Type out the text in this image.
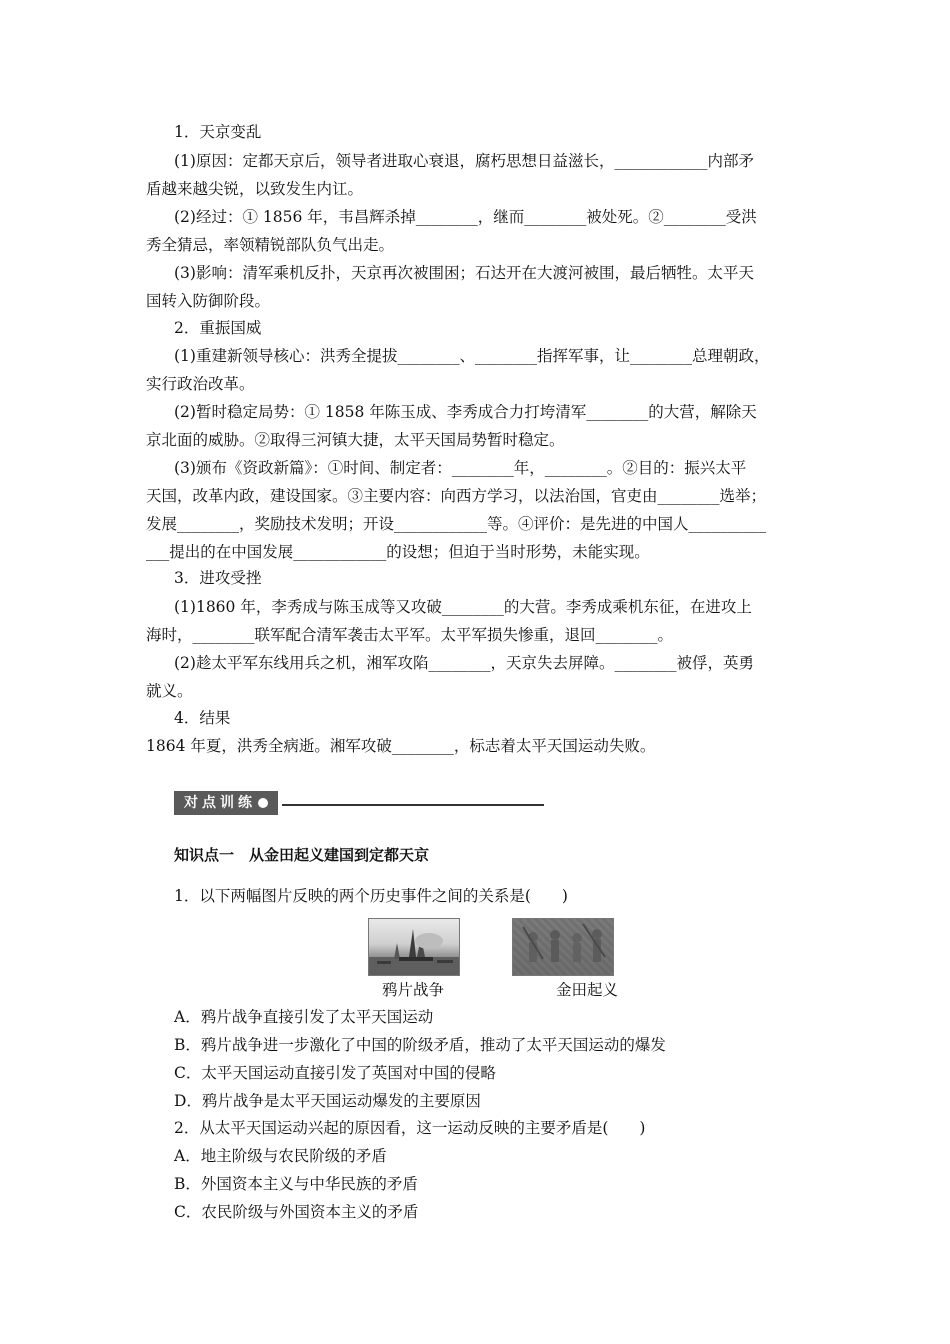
1．天京变乱
(1)原因：定都天京后，领导者进取心衰退，腐朽思想日益滋长，____________内部矛
盾越来越尖锐，以致发生内讧。
(2)经过：① 1856 年，韦昌辉杀掉________，继而________被处死。②________受洪
秀全猜忌，率领精锐部队负气出走。
(3)影响：清军乘机反扑，天京再次被围困；石达开在大渡河被围，最后牺牲。太平天
国转入防御阶段。
2．重振国威
(1)重建新领导核心：洪秀全提拔________、________指挥军事，让________总理朝政，
实行政治改革。
(2)暂时稳定局势：① 1858 年陈玉成、李秀成合力打垮清军________的大营，解除天
京北面的威胁。②取得三河镇大捷，太平天国局势暂时稳定。
(3)颁布《资政新篇》：①时间、制定者：________年，________。②目的：振兴太平
天国，改革内政，建设国家。③主要内容：向西方学习，以法治国，官吏由________选举；
发展________，奖励技术发明；开设____________等。④评价：是先进的中国人__________
___提出的在中国发展____________的设想；但迫于当时形势，未能实现。
3．进攻受挫
(1)1860 年，李秀成与陈玉成等又攻破________的大营。李秀成乘机东征，在进攻上
海时，________联军配合清军袭击太平军。太平军损失惨重，退回________。
(2)趁太平军东线用兵之机，湘军攻陷________，天京失去屏障。________被俘，英勇
就义。
4．结果
1864 年夏，洪秀全病逝。湘军攻破________，标志着太平天国运动失败。
对点训练
知识点一　从金田起义建国到定都天京
1．以下两幅图片反映的两个历史事件之间的关系是(　　)
鸦片战争	金田起义
A．鸦片战争直接引发了太平天国运动
B．鸦片战争进一步激化了中国的阶级矛盾，推动了太平天国运动的爆发
C．太平天国运动直接引发了英国对中国的侵略
D．鸦片战争是太平天国运动爆发的主要原因
2．从太平天国运动兴起的原因看，这一运动反映的主要矛盾是(　　)
A．地主阶级与农民阶级的矛盾
B．外国资本主义与中华民族的矛盾
C．农民阶级与外国资本主义的矛盾
